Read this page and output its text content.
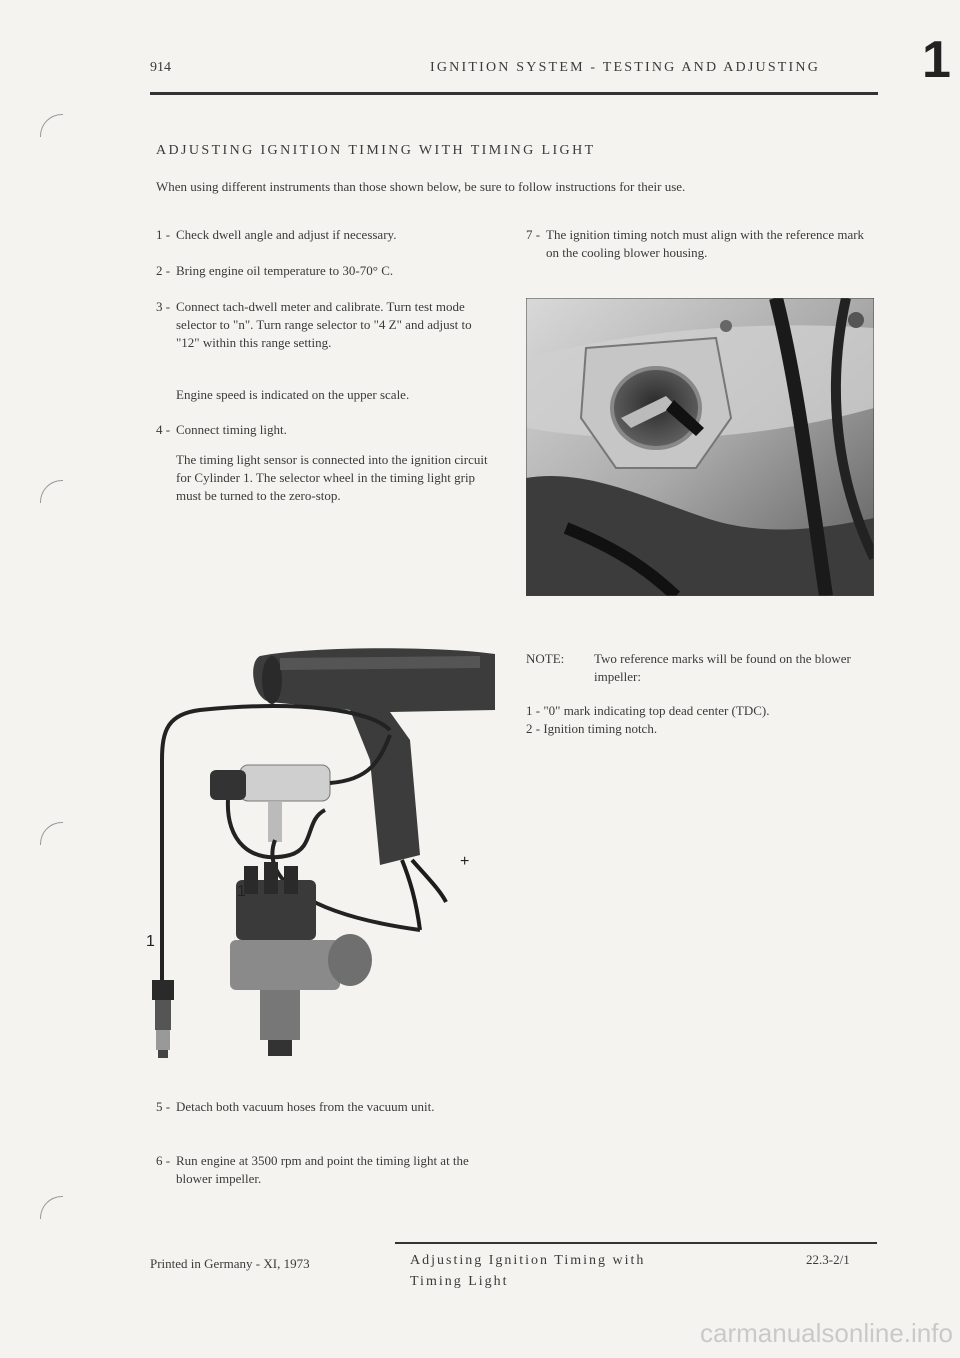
914	IGNITION SYSTEM - TESTING AND ADJUSTING 1
ADJUSTING IGNITION TIMING WITH TIMING LIGHT
When using different instruments than those shown below, be sure to follow instructions for their use.
1 - Check dwell angle and adjust if necessary.
2 - Bring engine oil temperature to 30-70° C.
3 - Connect tach-dwell meter and calibrate. Turn test mode selector to "n". Turn range selector to "4 Z" and adjust to "12" within this range setting.
Engine speed is indicated on the upper scale.
4 - Connect timing light.
The timing light sensor is connected into the ignition circuit for Cylinder 1. The selector wheel in the timing light grip must be turned to the zero-stop.
7 - The ignition timing notch must align with the reference mark on the cooling blower housing.
NOTE: Two reference marks will be found on the blower impeller:
1 - "0" mark indicating top dead center (TDC).
2 - Ignition timing notch.
+
1
1
5 - Detach both vacuum hoses from the vacuum unit.
6 - Run engine at 3500 rpm and point the timing light at the blower impeller.
Printed in Germany - XI, 1973	Adjusting Ignition Timing with
Timing Light
22.3-2/1
carmanualsonline.info
